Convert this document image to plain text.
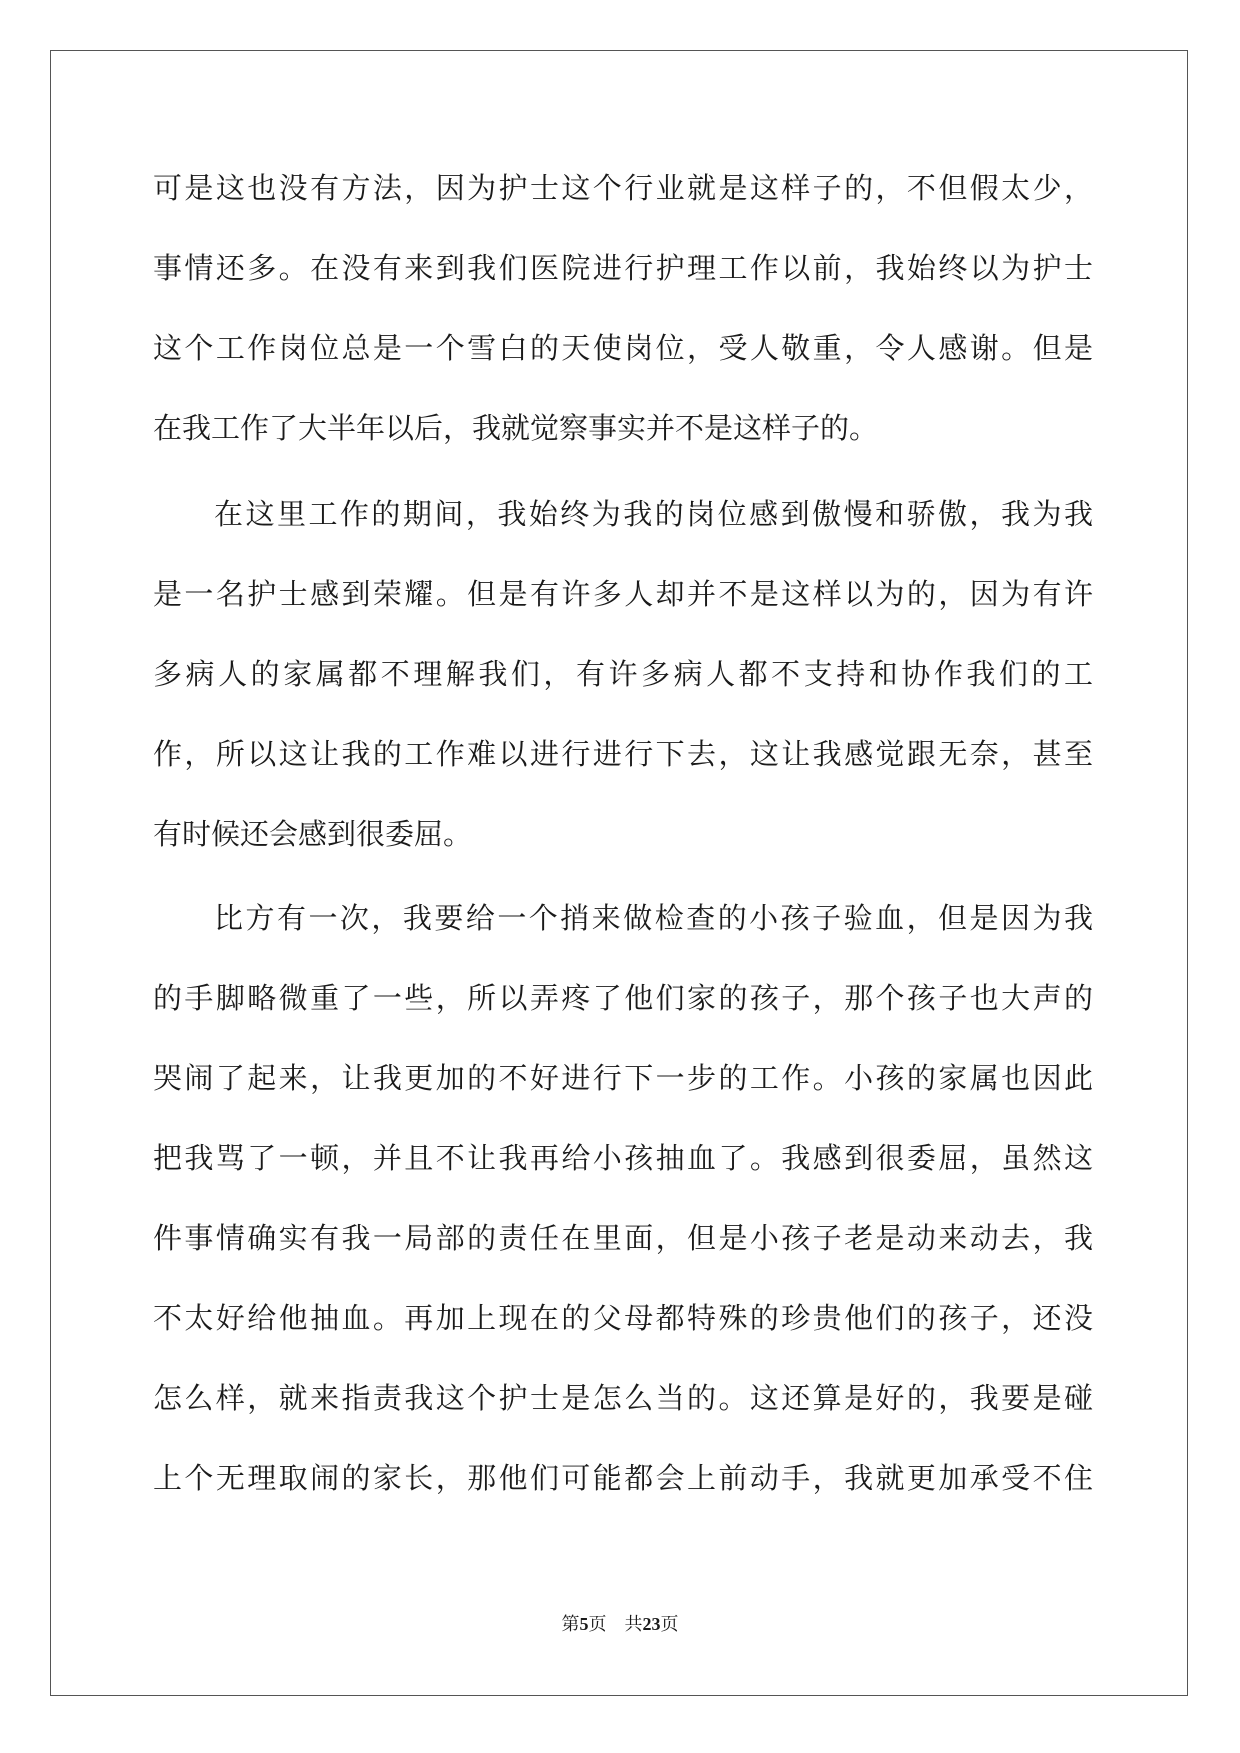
可是这也没有方法，因为护士这个行业就是这样子的，不但假太少，
事情还多。在没有来到我们医院进行护理工作以前，我始终以为护士
这个工作岗位总是一个雪白的天使岗位，受人敬重，令人感谢。但是
在我工作了大半年以后，我就觉察事实并不是这样子的。
在这里工作的期间，我始终为我的岗位感到傲慢和骄傲，我为我
是一名护士感到荣耀。但是有许多人却并不是这样以为的，因为有许
多病人的家属都不理解我们，有许多病人都不支持和协作我们的工
作，所以这让我的工作难以进行进行下去，这让我感觉跟无奈，甚至
有时候还会感到很委屈。
比方有一次，我要给一个捎来做检查的小孩子验血，但是因为我
的手脚略微重了一些，所以弄疼了他们家的孩子，那个孩子也大声的
哭闹了起来，让我更加的不好进行下一步的工作。小孩的家属也因此
把我骂了一顿，并且不让我再给小孩抽血了。我感到很委屈，虽然这
件事情确实有我一局部的责任在里面，但是小孩子老是动来动去，我
不太好给他抽血。再加上现在的父母都特殊的珍贵他们的孩子，还没
怎么样，就来指责我这个护士是怎么当的。这还算是好的，我要是碰
上个无理取闹的家长，那他们可能都会上前动手，我就更加承受不住
第5页 共23页
